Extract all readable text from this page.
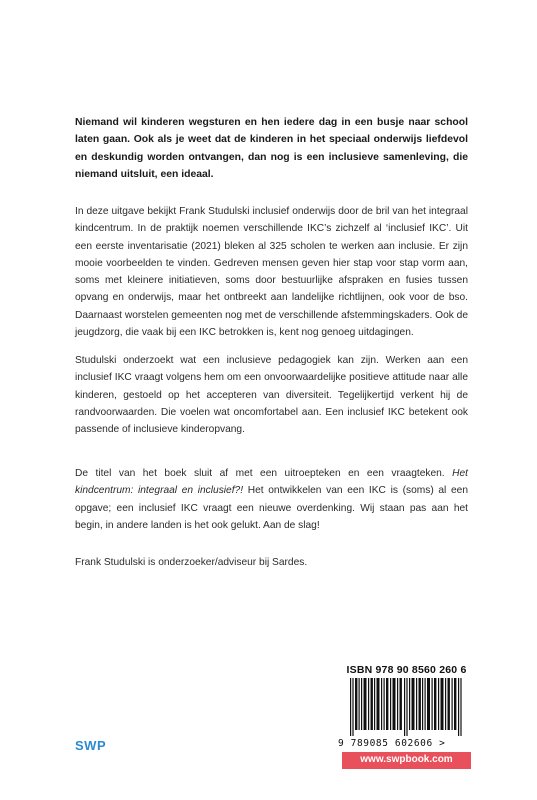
Niemand wil kinderen wegsturen en hen iedere dag in een busje naar school laten gaan. Ook als je weet dat de kinderen in het speciaal onderwijs liefdevol en deskundig worden ontvangen, dan nog is een inclusieve samenleving, die niemand uitsluit, een ideaal.

In deze uitgave bekijkt Frank Studulski inclusief onderwijs door de bril van het integraal kindcentrum. In de praktijk noemen verschillende IKC’s zichzelf al ‘inclusief IKC’. Uit een eerste inventarisatie (2021) bleken al 325 scholen te werken aan inclusie. Er zijn mooie voorbeelden te vinden. Gedreven mensen geven hier stap voor stap vorm aan, soms met kleinere initiatieven, soms door bestuurlijke afspraken en fusies tussen opvang en onderwijs, maar het ontbreekt aan landelijke richtlijnen, ook voor de bso. Daarnaast worstelen gemeenten nog met de verschillende afstemmingskaders. Ook de jeugdzorg, die vaak bij een IKC betrokken is, kent nog genoeg uitdagingen.

Studulski onderzoekt wat een inclusieve pedagogiek kan zijn. Werken aan een inclusief IKC vraagt volgens hem om een onvoorwaardelijke positieve attitude naar alle kinderen, gestoeld op het accepteren van diversiteit. Tegelijkertijd verkent hij de randvoorwaarden. Die voelen wat oncomfortabel aan. Een inclusief IKC betekent ook passende of inclusieve kinderopvang.

De titel van het boek sluit af met een uitroepteken en een vraagteken. Het kindcentrum: integraal en inclusief?! Het ontwikkelen van een IKC is (soms) al een opgave; een inclusief IKC vraagt een nieuwe overdenking. Wij staan pas aan het begin, in andere landen is het ook gelukt. Aan de slag!

Frank Studulski is onderzoeker/adviseur bij Sardes.

SWP
ISBN 978 90 8560 260 6
9 789085 602606 >
www.swpbook.com
